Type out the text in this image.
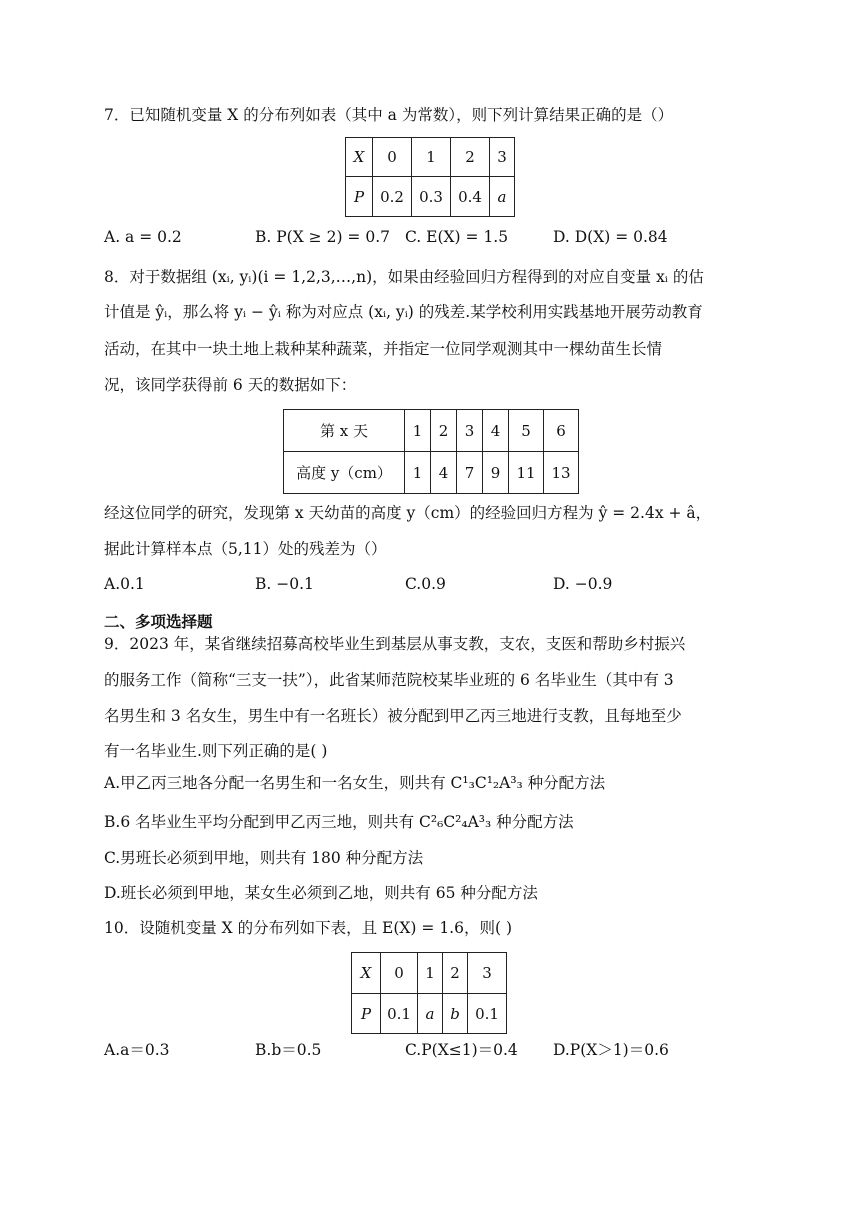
7．已知随机变量 X 的分布列如表（其中 a 为常数），则下列计算结果正确的是（）
X	0	1	2	3
P	0.2	0.3	0.4	a
A. a = 0.2	B. P(X ≥ 2) = 0.7 C. E(X) = 1.5	D. D(X) = 0.84
8．对于数据组 (xᵢ, yᵢ)(i = 1,2,3,…,n)，如果由经验回归方程得到的对应自变量 xᵢ 的估
计值是 ŷᵢ，那么将 yᵢ − ŷᵢ 称为对应点 (xᵢ, yᵢ) 的残差.某学校利用实践基地开展劳动教育
活动，在其中一块土地上栽种某种蔬菜，并指定一位同学观测其中一棵幼苗生长情
况，该同学获得前 6 天的数据如下：
第 x 天	1	2	3	4	5	6
高度 y（cm）	1	4	7	9	11	13
经这位同学的研究，发现第 x 天幼苗的高度 y（cm）的经验回归方程为 ŷ = 2.4x + â，
据此计算样本点（5,11）处的残差为（）
A.0.1	B. −0.1	C.0.9	D. −0.9
二、多项选择题
9．2023 年，某省继续招募高校毕业生到基层从事支教，支农，支医和帮助乡村振兴
的服务工作（简称“三支一扶”），此省某师范院校某毕业班的 6 名毕业生（其中有 3
名男生和 3 名女生，男生中有一名班长）被分配到甲乙丙三地进行支教，且每地至少
有一名毕业生.则下列正确的是( )
A.甲乙丙三地各分配一名男生和一名女生，则共有 C¹₃C¹₂A³₃ 种分配方法
B.6 名毕业生平均分配到甲乙丙三地，则共有 C²₆C²₄A³₃ 种分配方法
C.男班长必须到甲地，则共有 180 种分配方法
D.班长必须到甲地，某女生必须到乙地，则共有 65 种分配方法
10．设随机变量 X 的分布列如下表，且 E(X) = 1.6，则( )
X	0	1	2	3
P	0.1	a	b	0.1
A.a＝0.3	B.b＝0.5	C.P(X≤1)＝0.4 D.P(X＞1)＝0.6
